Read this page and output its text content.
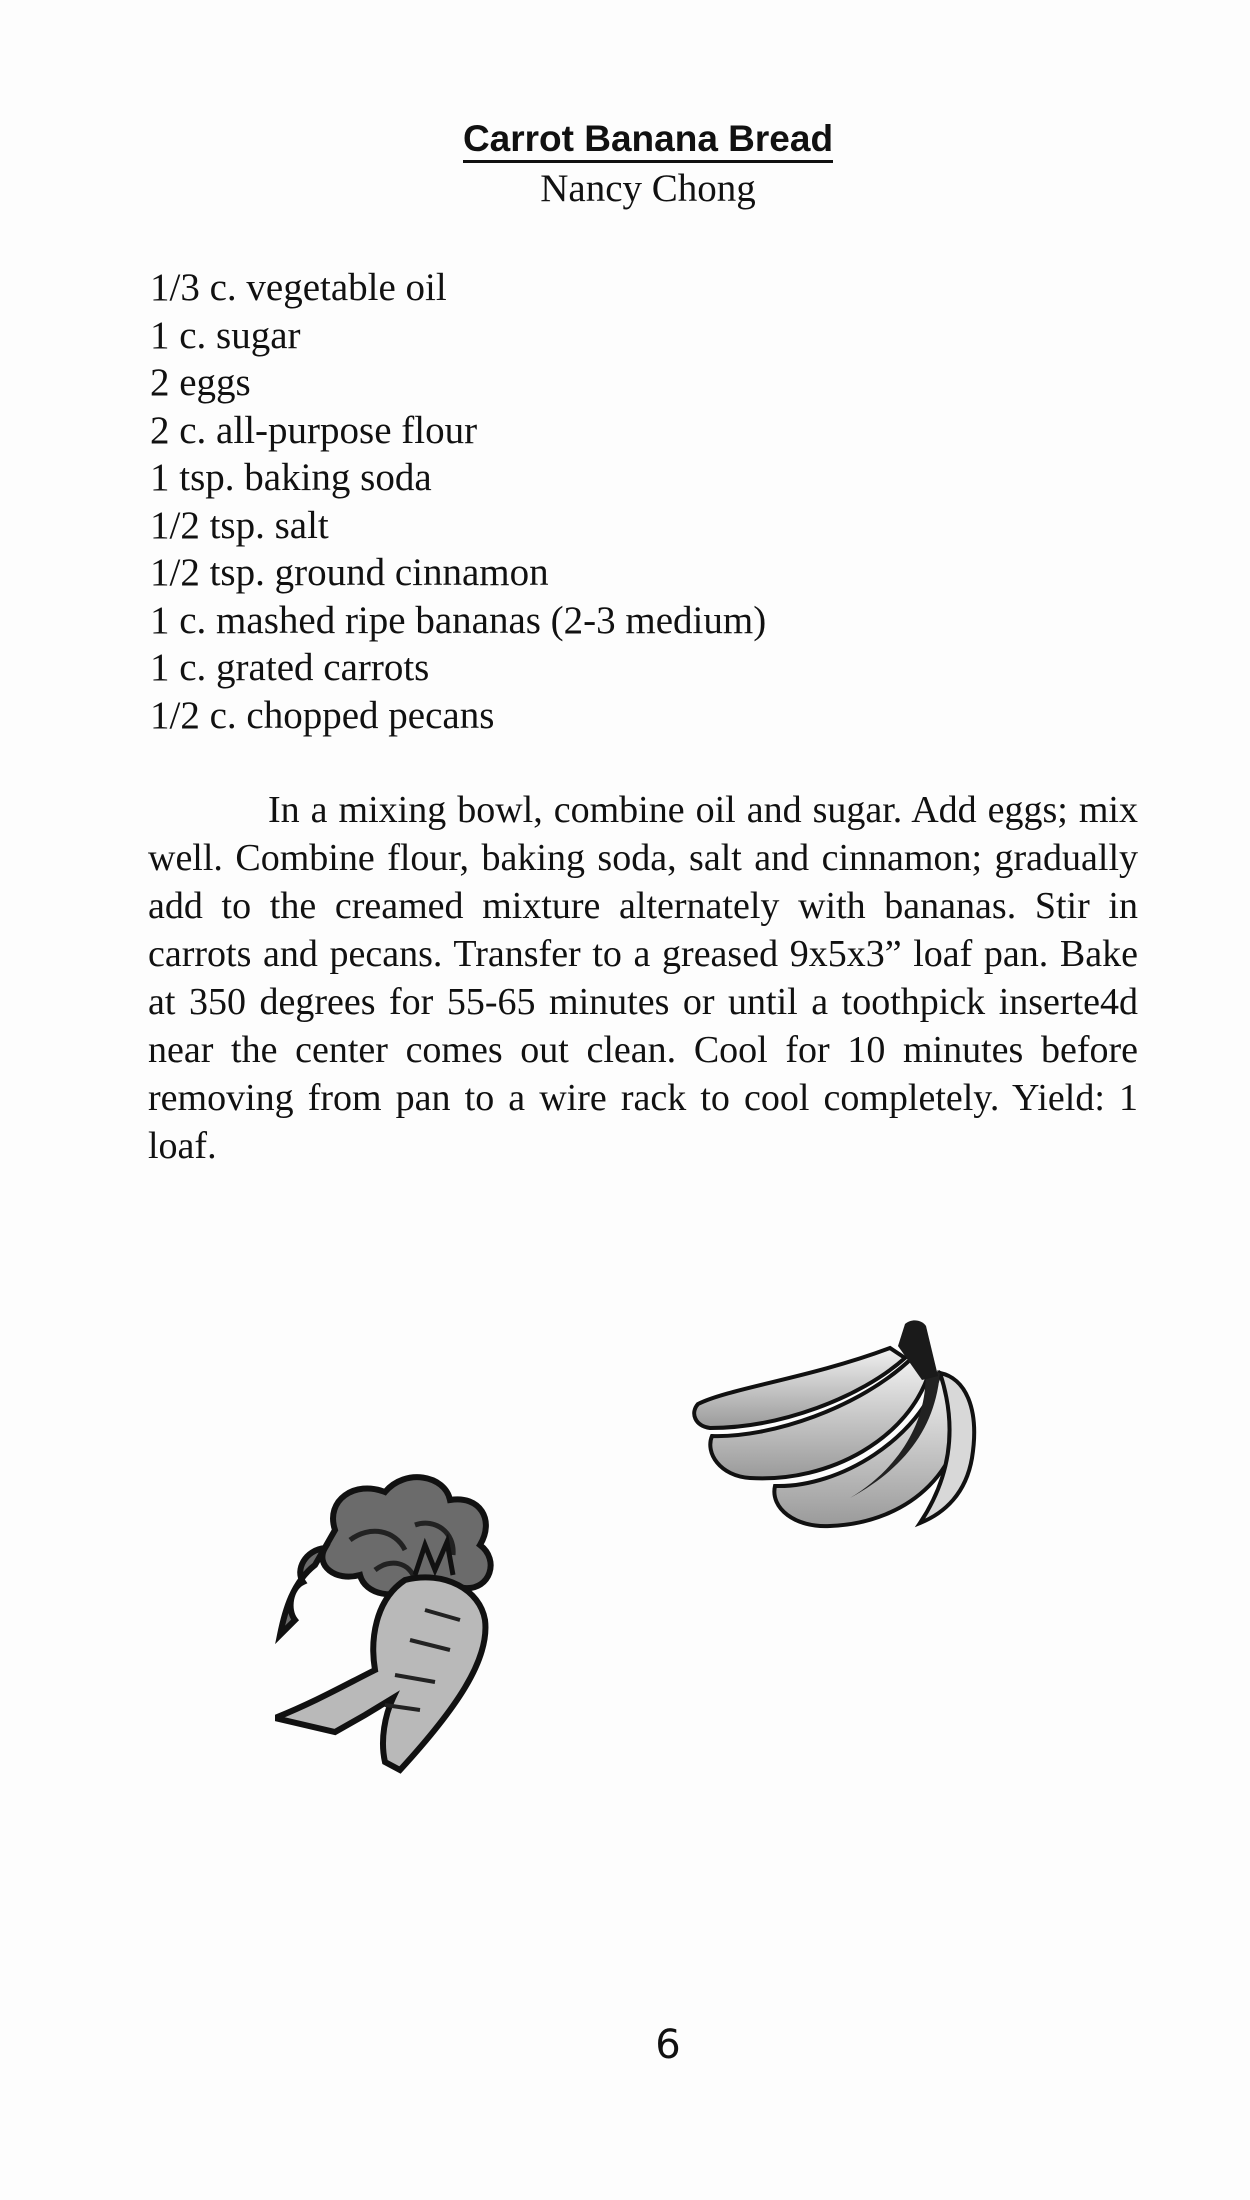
Carrot Banana Bread
Nancy Chong
1/3 c. vegetable oil
1 c. sugar
2 eggs
2 c. all-purpose flour
1 tsp. baking soda
1/2 tsp. salt
1/2 tsp. ground cinnamon
1 c. mashed ripe bananas (2-3 medium)
1 c. grated carrots
1/2 c. chopped pecans

In a mixing bowl, combine oil and sugar. Add eggs; mix well. Combine flour, baking soda, salt and cinnamon; gradually add to the creamed mixture alternately with bananas. Stir in carrots and pecans. Transfer to a greased 9x5x3” loaf pan. Bake at 350 degrees for 55-65 minutes or until a toothpick inserte4d near the center comes out clean. Cool for 10 minutes before removing from pan to a wire rack to cool completely. Yield: 1 loaf.

6
